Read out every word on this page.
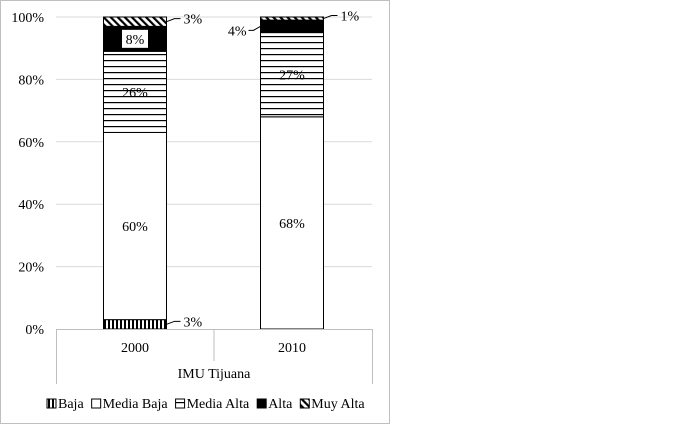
0%
20%
40%
60%
80%
100%
3%
60%	68%
26%
27%
8%
4%
3%	1%
2000	2010
IMU Tijuana
Baja Media Baja Media Alta Alta Muy Alta
